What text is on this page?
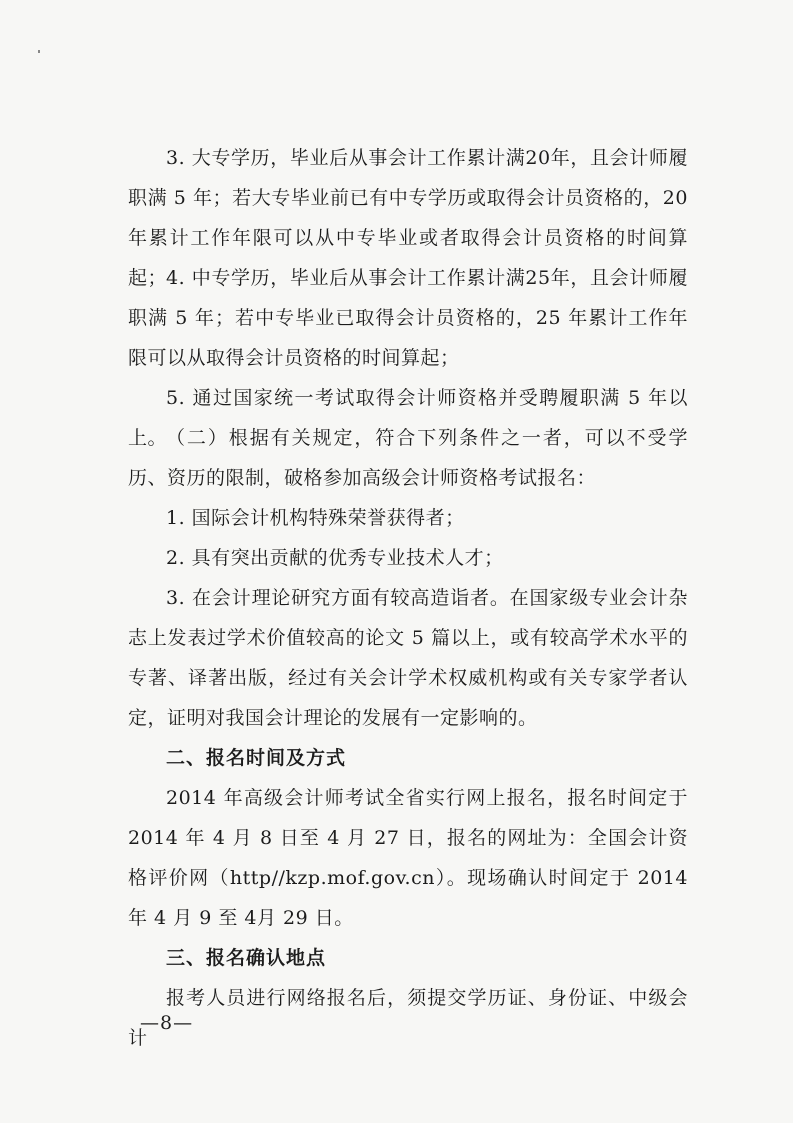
3. 大专学历，毕业后从事会计工作累计满20年，且会计师履职满 5 年；若大专毕业前已有中专学历或取得会计员资格的，20年累计工作年限可以从中专毕业或者取得会计员资格的时间算起；

4. 中专学历，毕业后从事会计工作累计满25年，且会计师履职满 5 年；若中专毕业已取得会计员资格的，25 年累计工作年限可以从取得会计员资格的时间算起；

5. 通过国家统一考试取得会计师资格并受聘履职满 5 年以上。

（二）根据有关规定，符合下列条件之一者，可以不受学历、资历的限制，破格参加高级会计师资格考试报名：

1. 国际会计机构特殊荣誉获得者；

2. 具有突出贡献的优秀专业技术人才；

3. 在会计理论研究方面有较高造诣者。在国家级专业会计杂志上发表过学术价值较高的论文 5 篇以上，或有较高学术水平的专著、译著出版，经过有关会计学术权威机构或有关专家学者认定，证明对我国会计理论的发展有一定影响的。

二、报名时间及方式

2014 年高级会计师考试全省实行网上报名，报名时间定于2014 年 4 月 8 日至 4 月 27 日，报名的网址为：全国会计资格评价网（http//kzp.mof.gov.cn）。现场确认时间定于 2014 年 4 月 9 至 4月 29 日。

三、报名确认地点

报考人员进行网络报名后，须提交学历证、身份证、中级会计

—8—
